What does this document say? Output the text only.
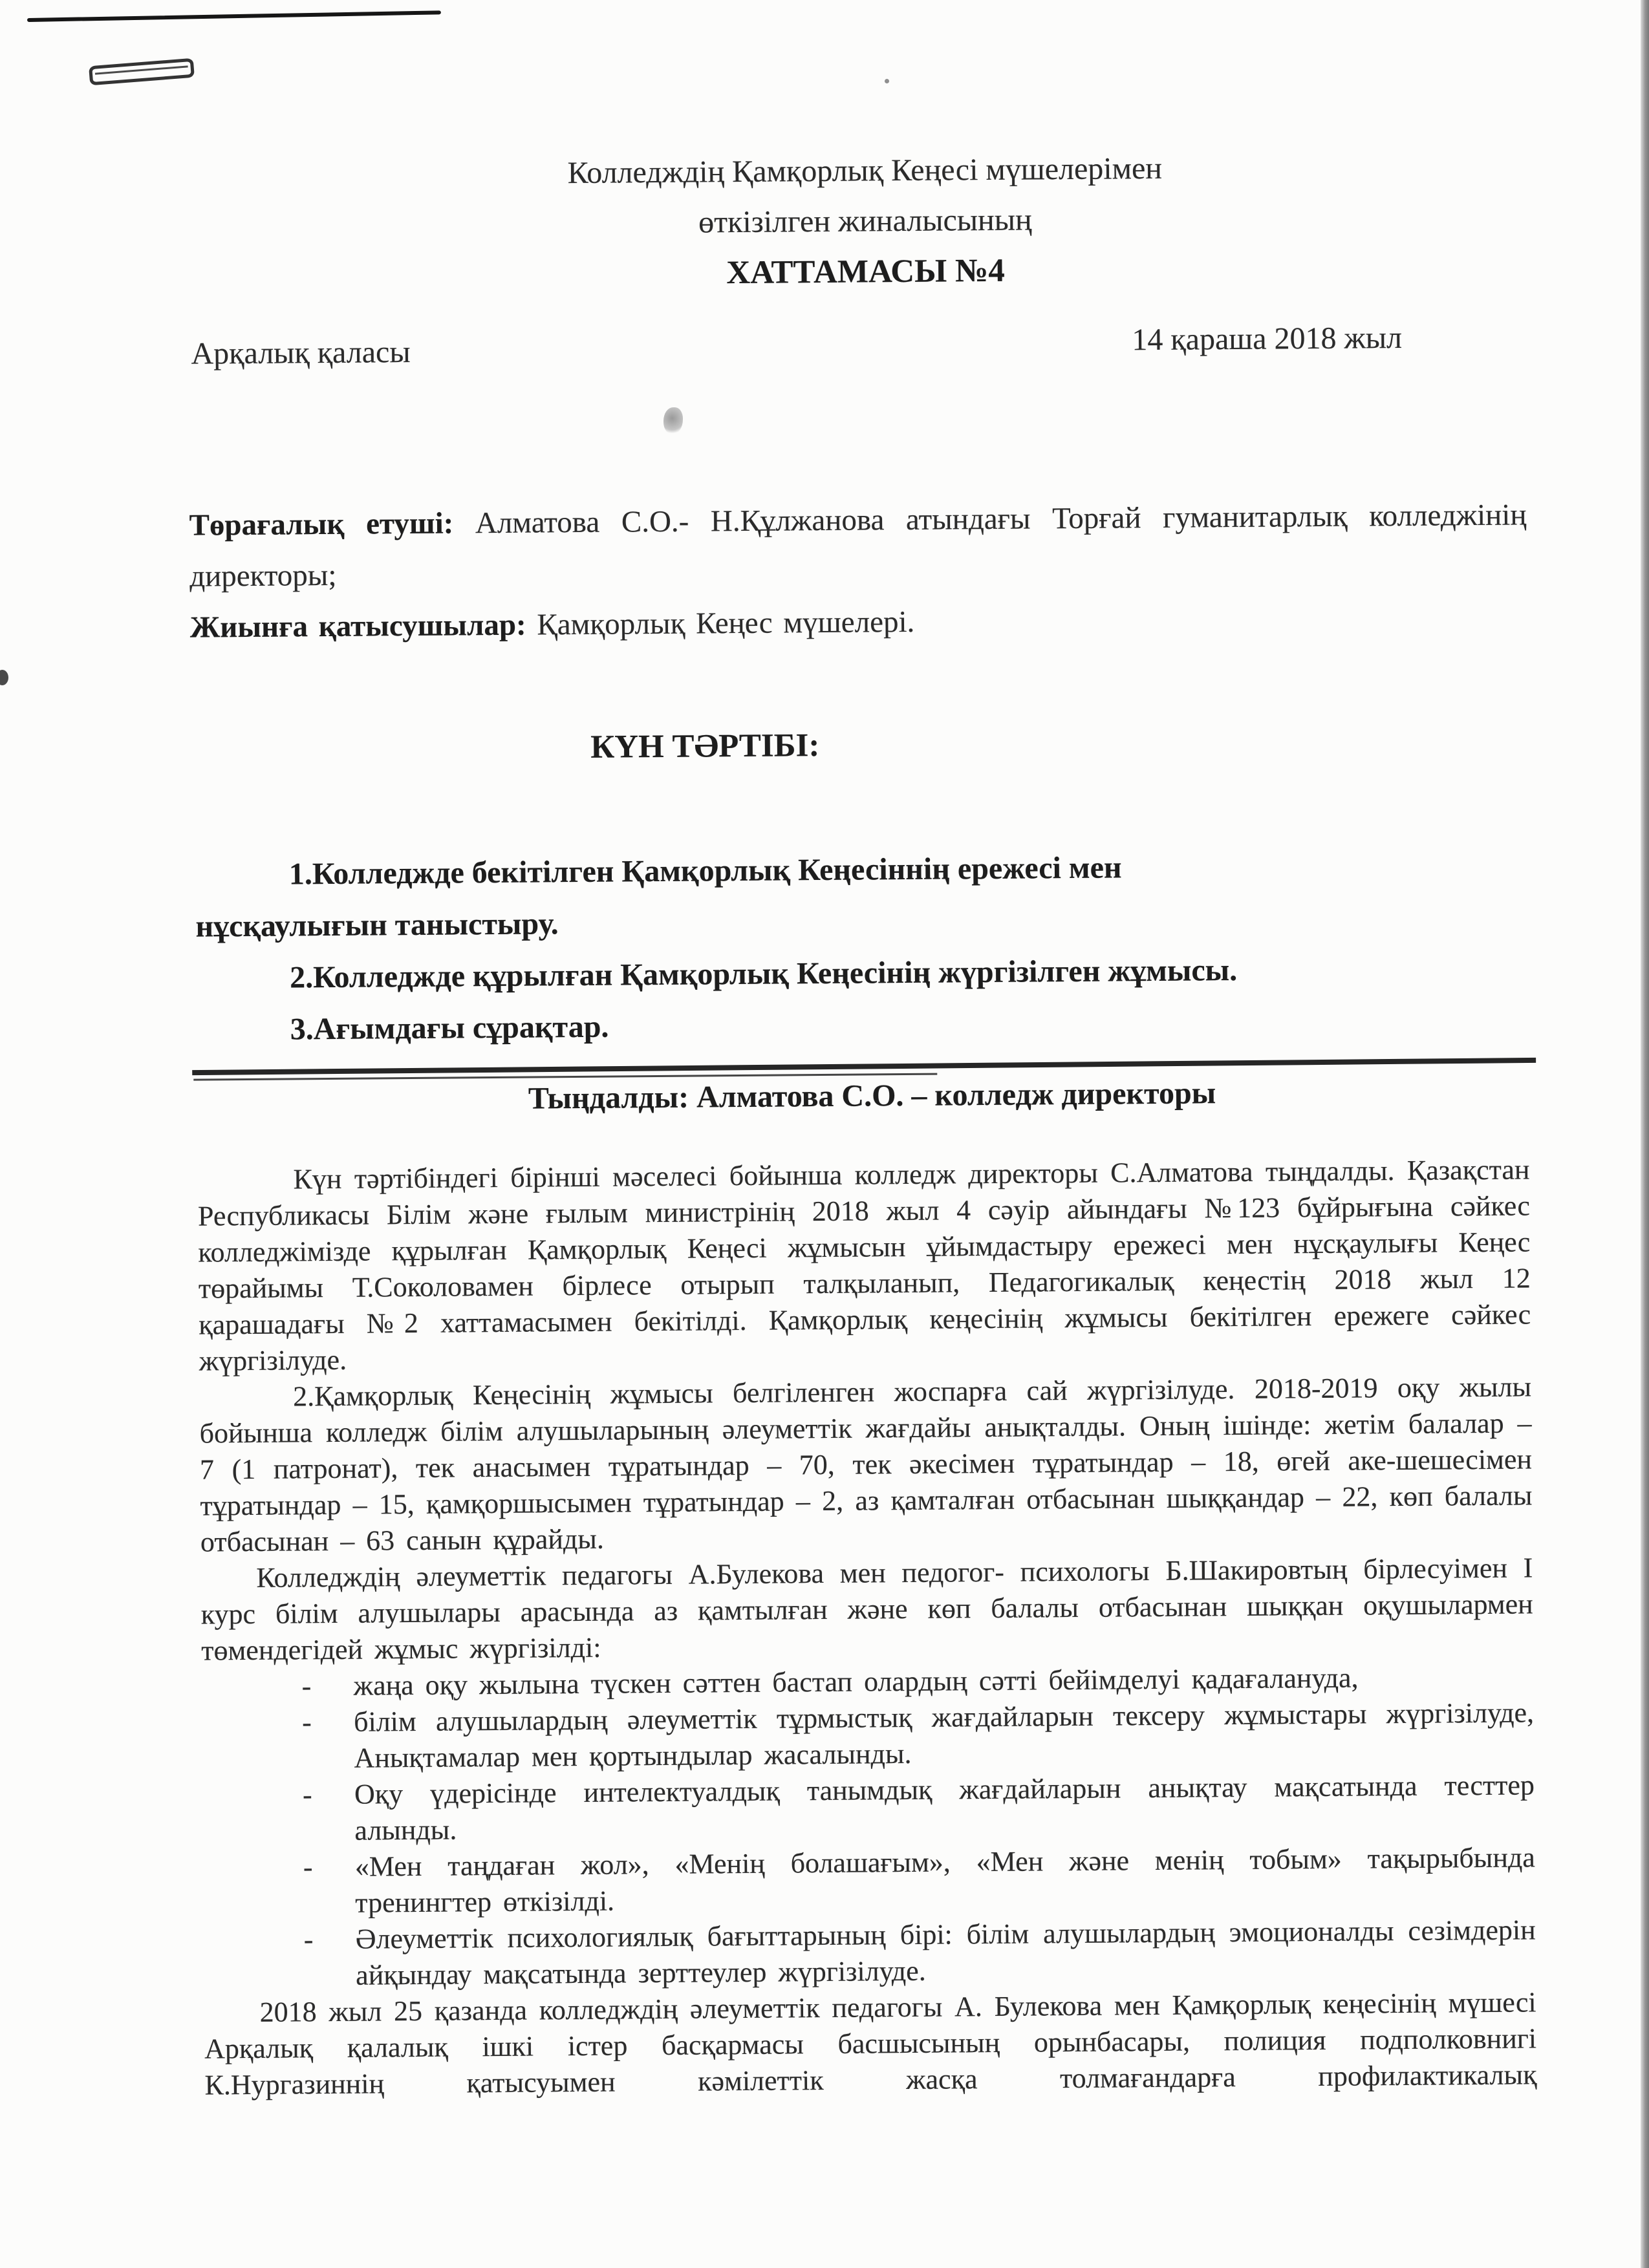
Колледждің Қамқорлық Кеңесі мүшелерімен
өткізілген жиналысының
ХАТТАМАСЫ №4
Арқалық қаласы	14 қараша 2018 жыл

Төрағалық етуші: Алматова С.О.- Н.Құлжанова атындағы Торғай гуманитарлық колледжінің директоры;

Жиынға қатысушылар: Қамқорлық Кеңес мүшелері.

КҮН ТӘРТІБІ:

1.Колледжде бекітілген Қамқорлық Кеңесіннің ережесі мен

нұсқаулығын таныстыру.

2.Колледжде құрылған Қамқорлық Кеңесінің жүргізілген жұмысы.

3.Ағымдағы сұрақтар.

Тыңдалды: Алматова С.О. – колледж директоры

Күн тәртібіндегі бірінші мәселесі бойынша колледж директоры С.Алматова тыңдалды. Қазақстан Республикасы Білім және ғылым министрінің 2018 жыл 4 сәуір айындағы №123 бұйрығына сәйкес колледжімізде құрылған Қамқорлық Кеңесі жұмысын ұйымдастыру ережесі мен нұсқаулығы Кеңес төрайымы Т.Соколовамен бірлесе отырып талқыланып, Педагогикалық кеңестің 2018 жыл 12 қарашадағы №2 хаттамасымен бекітілді. Қамқорлық кеңесінің жұмысы бекітілген ережеге сәйкес жүргізілуде.

2.Қамқорлық Кеңесінің жұмысы белгіленген жоспарға сай жүргізілуде. 2018-2019 оқу жылы бойынша колледж білім алушыларының әлеуметтік жағдайы анықталды. Оның ішінде: жетім балалар – 7 (1 патронат), тек анасымен тұратындар – 70, тек әкесімен тұратындар – 18, өгей аке-шешесімен тұратындар – 15, қамқоршысымен тұратындар – 2, аз қамталған отбасынан шыққандар – 22, көп балалы отбасынан – 63 санын құрайды.

Колледждің әлеуметтік педагогы А.Булекова мен педогог- психологы Б.Шакировтың бірлесуімен I курс білім алушылары арасында аз қамтылған және көп балалы отбасынан шыққан оқушылармен төмендегідей жұмыс жүргізілді:

- жаңа оқу жылына түскен сәттен бастап олардың сәтті бейімделуі қадағалануда,
- білім алушылардың әлеуметтік тұрмыстық жағдайларын тексеру жұмыстары жүргізілуде, Анықтамалар мен қортындылар жасалынды.
- Оқу үдерісінде интелектуалдық танымдық жағдайларын анықтау мақсатында тесттер алынды.
- «Мен таңдаған жол», «Менің болашағым», «Мен және менің тобым» тақырыбында тренингтер өткізілді.
- Әлеуметтік психологиялық бағыттарының бірі: білім алушылардың эмоционалды сезімдерін айқындау мақсатында зерттеулер жүргізілуде.

2018 жыл 25 қазанда колледждің әлеуметтік педагогы А. Булекова мен Қамқорлық кеңесінің мүшесі Арқалық қалалық ішкі істер басқармасы басшысының орынбасары, полиция подполковнигі К.Нургазиннің қатысуымен кәмілеттік жасқа толмағандарға профилактикалық
